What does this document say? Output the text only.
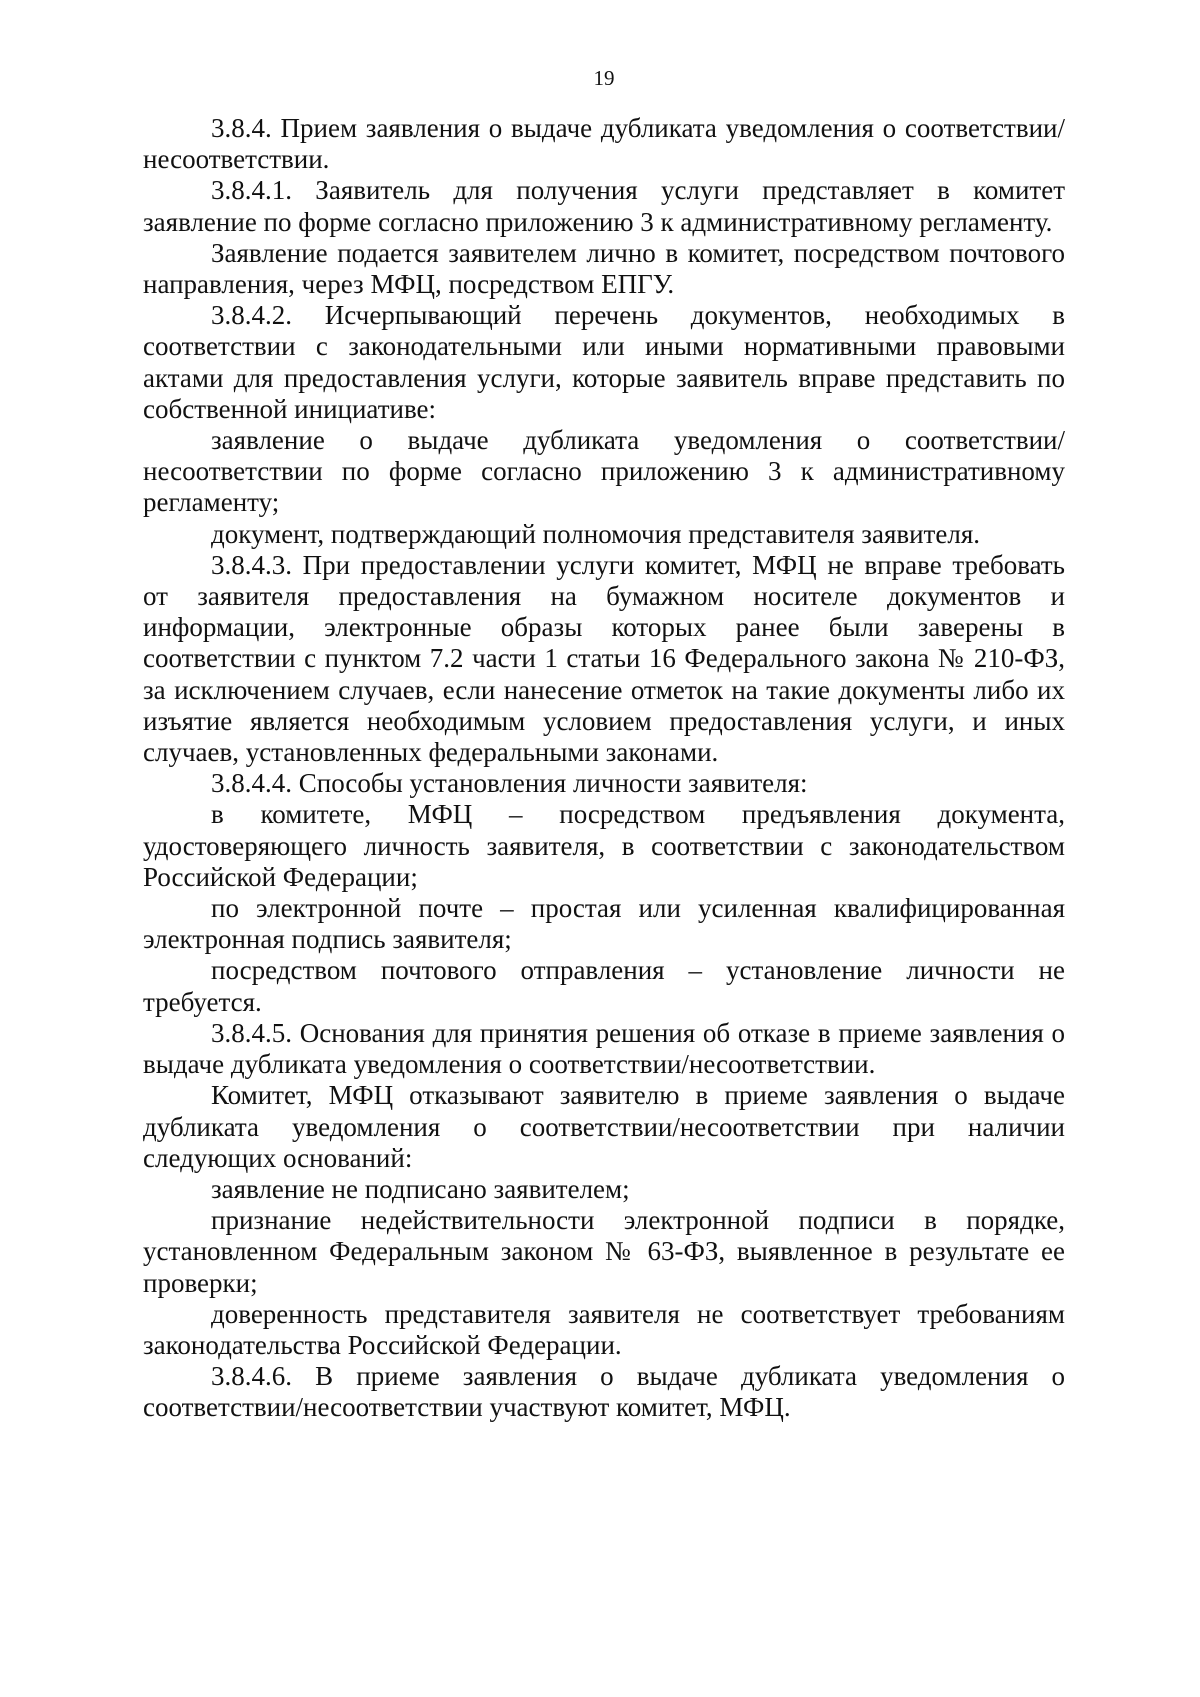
19

3.8.4. Прием заявления о выдаче дубликата уведомления о соответствии/несоответствии.

3.8.4.1. Заявитель для получения услуги представляет в комитет заявление по форме согласно приложению 3 к административному регламенту.

Заявление подается заявителем лично в комитет, посредством почтового направления, через МФЦ, посредством ЕПГУ.

3.8.4.2. Исчерпывающий перечень документов, необходимых в соответствии с законодательными или иными нормативными правовыми актами для предоставления услуги, которые заявитель вправе представить по собственной инициативе:

заявление о выдаче дубликата уведомления о соответствии/несоответствии по форме согласно приложению 3 к административному регламенту;

документ, подтверждающий полномочия представителя заявителя.

3.8.4.3. При предоставлении услуги комитет, МФЦ не вправе требовать от заявителя предоставления на бумажном носителе документов и информации, электронные образы которых ранее были заверены в соответствии с пунктом 7.2 части 1 статьи 16 Федерального закона № 210-ФЗ, за исключением случаев, если нанесение отметок на такие документы либо их изъятие является необходимым условием предоставления услуги, и иных случаев, установленных федеральными законами.

3.8.4.4. Способы установления личности заявителя:

в комитете, МФЦ – посредством предъявления документа, удостоверяющего личность заявителя, в соответствии с законодательством Российской Федерации;

по электронной почте – простая или усиленная квалифицированная электронная подпись заявителя;

посредством почтового отправления – установление личности не требуется.

3.8.4.5. Основания для принятия решения об отказе в приеме заявления о выдаче дубликата уведомления о соответствии/несоответствии.

Комитет, МФЦ отказывают заявителю в приеме заявления о выдаче дубликата уведомления о соответствии/несоответствии при наличии следующих оснований:

заявление не подписано заявителем;

признание недействительности электронной подписи в порядке, установленном Федеральным законом № 63-ФЗ, выявленное в результате ее проверки;

доверенность представителя заявителя не соответствует требованиям законодательства Российской Федерации.

3.8.4.6. В приеме заявления о выдаче дубликата уведомления о соответствии/несоответствии участвуют комитет, МФЦ.
